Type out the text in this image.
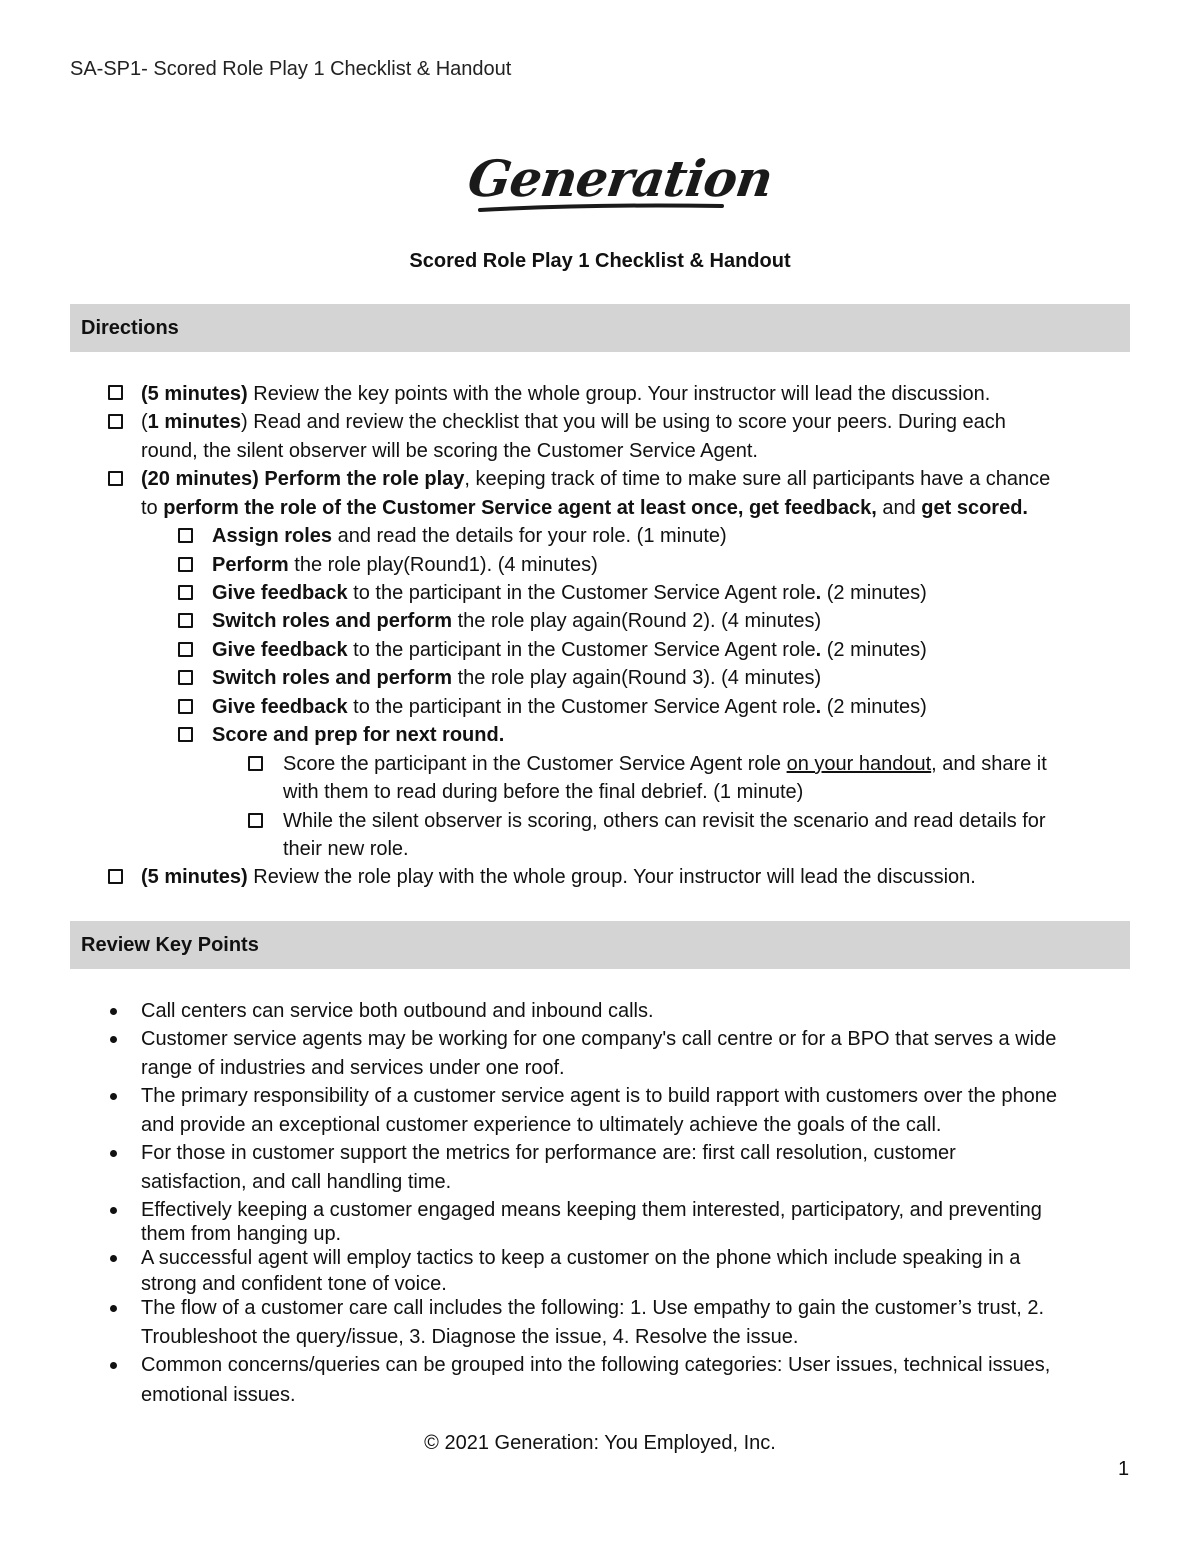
SA-SP1- Scored Role Play 1 Checklist & Handout
Generation
Scored Role Play 1 Checklist & Handout
Directions
(5 minutes) Review the key points with the whole group. Your instructor will lead the discussion.
(1 minutes) Read and review the checklist that you will be using to score your peers. During each
round, the silent observer will be scoring the Customer Service Agent.
(20 minutes) Perform the role play, keeping track of time to make sure all participants have a chance
to perform the role of the Customer Service agent at least once, get feedback, and get scored.
Assign roles and read the details for your role. (1 minute)
Perform the role play(Round1). (4 minutes)
Give feedback to the participant in the Customer Service Agent role. (2 minutes)
Switch roles and perform the role play again(Round 2). (4 minutes)
Give feedback to the participant in the Customer Service Agent role. (2 minutes)
Switch roles and perform the role play again(Round 3). (4 minutes)
Give feedback to the participant in the Customer Service Agent role. (2 minutes)
Score and prep for next round.
Score the participant in the Customer Service Agent role on your handout, and share it
with them to read during before the final debrief. (1 minute)
While the silent observer is scoring, others can revisit the scenario and read details for
their new role.
(5 minutes) Review the role play with the whole group. Your instructor will lead the discussion.
Review Key Points
Call centers can service both outbound and inbound calls.
Customer service agents may be working for one company's call centre or for a BPO that serves a wide
range of industries and services under one roof.
The primary responsibility of a customer service agent is to build rapport with customers over the phone
and provide an exceptional customer experience to ultimately achieve the goals of the call.
For those in customer support the metrics for performance are: first call resolution, customer
satisfaction, and call handling time.
Effectively keeping a customer engaged means keeping them interested, participatory, and preventing
them from hanging up.
A successful agent will employ tactics to keep a customer on the phone which include speaking in a
strong and confident tone of voice.
The flow of a customer care call includes the following: 1. Use empathy to gain the customer’s trust, 2.
Troubleshoot the query/issue, 3. Diagnose the issue, 4. Resolve the issue.
Common concerns/queries can be grouped into the following categories: User issues, technical issues,
emotional issues.
© 2021 Generation: You Employed, Inc.
1
